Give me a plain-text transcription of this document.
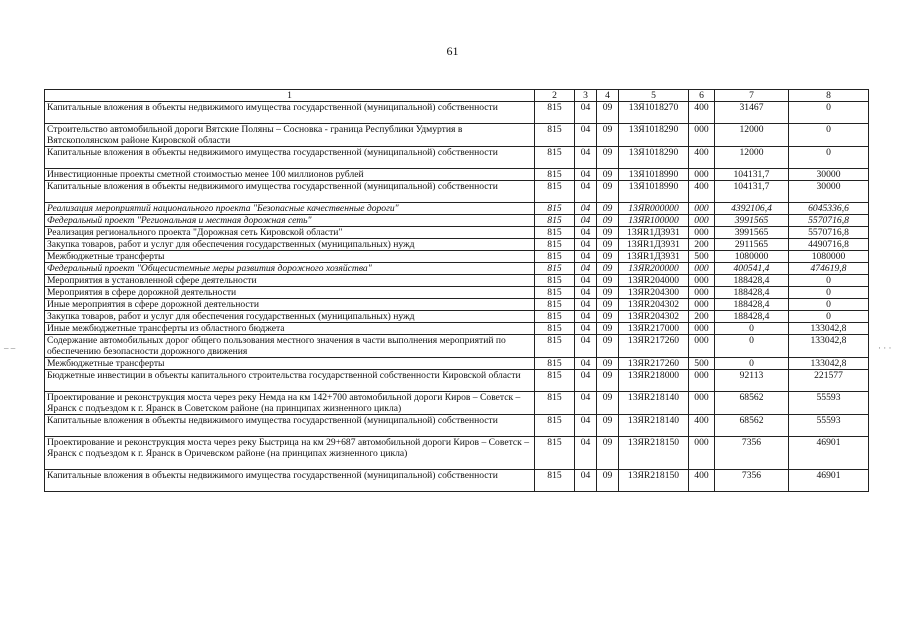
61
– –	· · ·
1	2	3	4	5	6	7	8
Капитальные вложения в объекты недвижимого имущества государственной (муниципальной) собственности	815	04	09	13Я1018270	400	31467	0
Строительство автомобильной дороги Вятские Поляны – Сосновка - граница Республики Удмуртия в Вятскополянском районе Кировской области	815	04	09	13Я1018290	000	12000	0
Капитальные вложения в объекты недвижимого имущества государственной (муниципальной) собственности	815	04	09	13Я1018290	400	12000	0
Инвестиционные проекты сметной стоимостью менее 100 миллионов рублей	815	04	09	13Я1018990	000	104131,7	30000
Капитальные вложения в объекты недвижимого имущества государственной (муниципальной) собственности	815	04	09	13Я1018990	400	104131,7	30000
Реализация мероприятий национального проекта "Безопасные качественные дороги"	815	04	09	13ЯR000000	000	4392106,4	6045336,6
Федеральный проект "Региональная и местная дорожная сеть"	815	04	09	13ЯR100000	000	3991565	5570716,8
Реализация регионального проекта "Дорожная сеть Кировской области"	815	04	09	13ЯR1Д3931	000	3991565	5570716,8
Закупка товаров, работ и услуг для обеспечения государственных (муниципальных) нужд	815	04	09	13ЯR1Д3931	200	2911565	4490716,8
Межбюджетные трансферты	815	04	09	13ЯR1Д3931	500	1080000	1080000
Федеральный проект "Общесистемные меры развития дорожного хозяйства"	815	04	09	13ЯR200000	000	400541,4	474619,8
Мероприятия в установленной сфере деятельности	815	04	09	13ЯR204000	000	188428,4	0
Мероприятия в сфере дорожной деятельности	815	04	09	13ЯR204300	000	188428,4	0
Иные мероприятия в сфере дорожной деятельности	815	04	09	13ЯR204302	000	188428,4	0
Закупка товаров, работ и услуг для обеспечения государственных (муниципальных) нужд	815	04	09	13ЯR204302	200	188428,4	0
Иные межбюджетные трансферты из областного бюджета	815	04	09	13ЯR217000	000	0	133042,8
Содержание автомобильных дорог общего пользования местного значения в части выполнения мероприятий по обеспечению безопасности дорожного движения	815	04	09	13ЯR217260	000	0	133042,8
Межбюджетные трансферты	815	04	09	13ЯR217260	500	0	133042,8
Бюджетные инвестиции в объекты капитального строительства государственной собственности Кировской области	815	04	09	13ЯR218000	000	92113	221577
Проектирование и реконструкция моста через реку Немда на км 142+700 автомобильной дороги Киров – Советск – Яранск с подъездом к г. Яранск в Советском районе (на принципах жизненного цикла)	815	04	09	13ЯR218140	000	68562	55593
Капитальные вложения в объекты недвижимого имущества государственной (муниципальной) собственности	815	04	09	13ЯR218140	400	68562	55593
Проектирование и реконструкция моста через реку Быстрица на км 29+687 автомобильной дороги Киров – Советск – Яранск с подъездом к г. Яранск в Оричевском районе (на принципах жизненного цикла)	815	04	09	13ЯR218150	000	7356	46901
Капитальные вложения в объекты недвижимого имущества государственной (муниципальной) собственности	815	04	09	13ЯR218150	400	7356	46901
